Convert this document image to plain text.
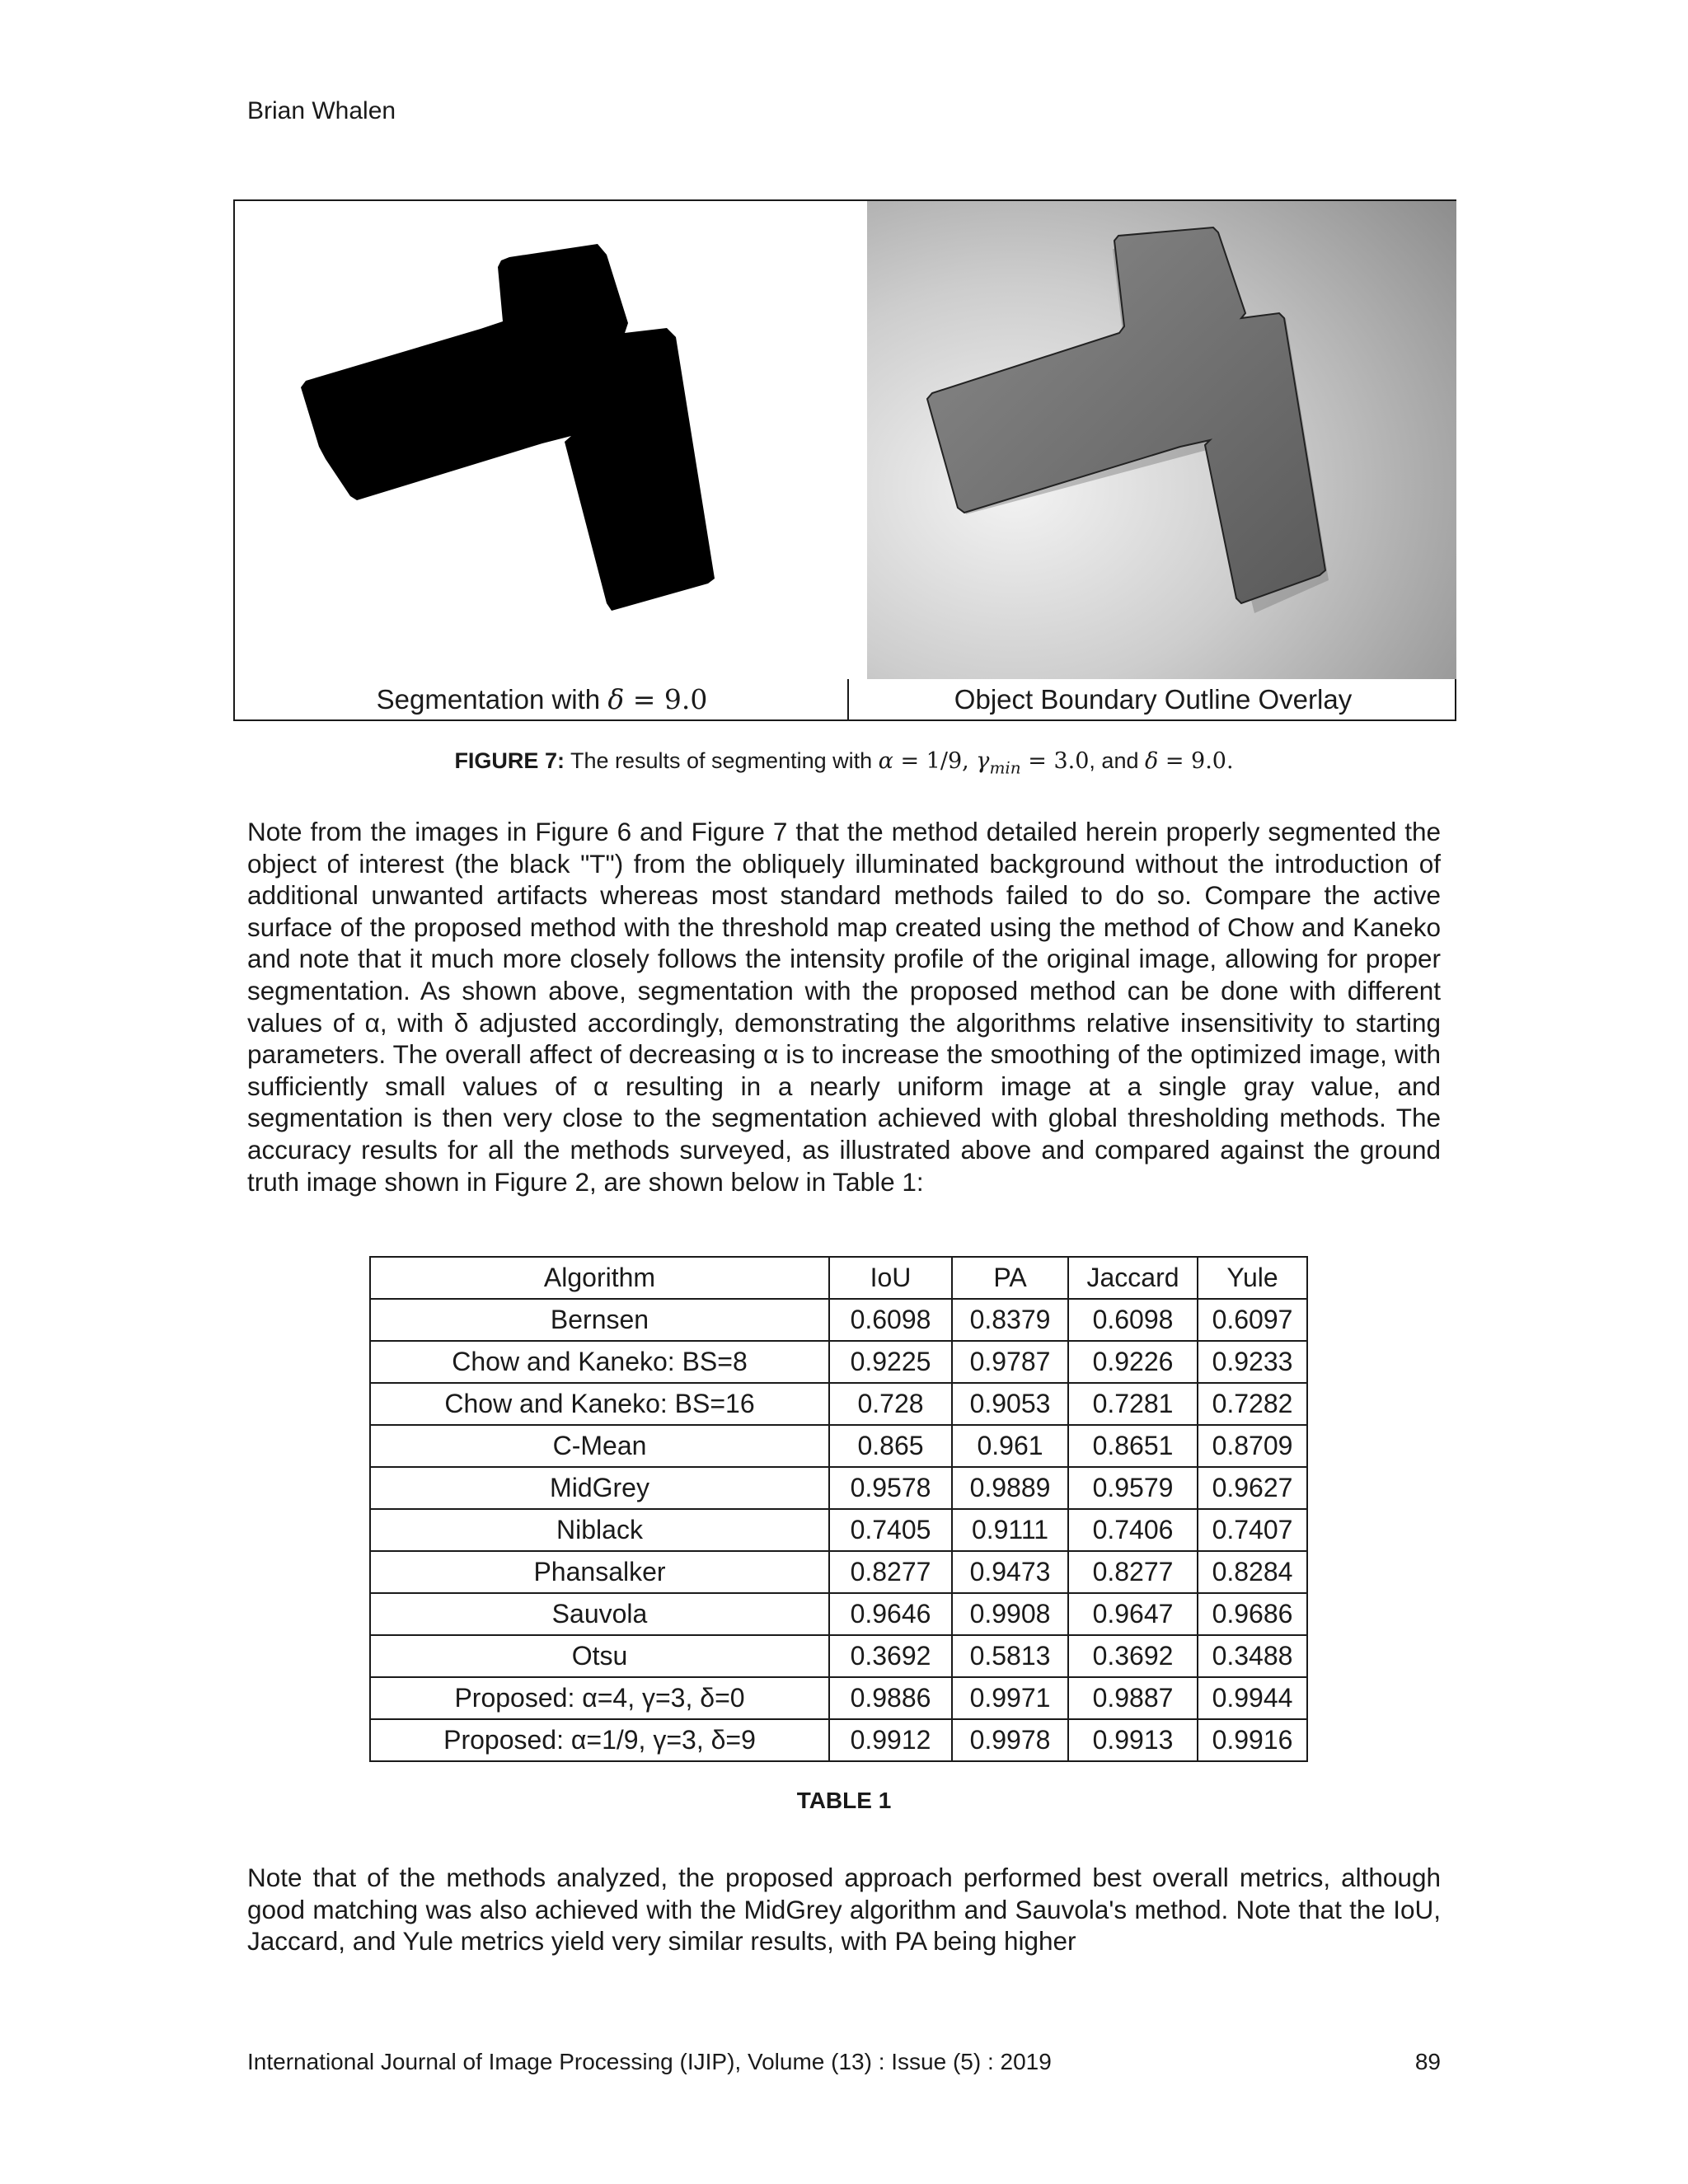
Brian Whalen
Segmentation with δ = 9.0	Object Boundary Outline Overlay
FIGURE 7: The results of segmenting with α = 1/9, $\gamma_{min} = 3.0$, and δ = 9.0.

Note from the images in Figure 6 and Figure 7 that the method detailed herein properly segmented the object of interest (the black "T") from the obliquely illuminated background without the introduction of additional unwanted artifacts whereas most standard methods failed to do so. Compare the active surface of the proposed method with the threshold map created using the method of Chow and Kaneko and note that it much more closely follows the intensity profile of the original image, allowing for proper segmentation. As shown above, segmentation with the proposed method can be done with different values of α, with δ adjusted accordingly, demonstrating the algorithms relative insensitivity to starting parameters. The overall affect of decreasing α is to increase the smoothing of the optimized image, with sufficiently small values of α resulting in a nearly uniform image at a single gray value, and segmentation is then very close to the segmentation achieved with global thresholding methods. The accuracy results for all the methods surveyed, as illustrated above and compared against the ground truth image shown in Figure 2, are shown below in Table 1:

Algorithm	IoU	PA	Jaccard	Yule
Bernsen	0.6098	0.8379	0.6098	0.6097
Chow and Kaneko: BS=8	0.9225	0.9787	0.9226	0.9233
Chow and Kaneko: BS=16	0.728	0.9053	0.7281	0.7282
C-Mean	0.865	0.961	0.8651	0.8709
MidGrey	0.9578	0.9889	0.9579	0.9627
Niblack	0.7405	0.9111	0.7406	0.7407
Phansalker	0.8277	0.9473	0.8277	0.8284
Sauvola	0.9646	0.9908	0.9647	0.9686
Otsu	0.3692	0.5813	0.3692	0.3488
Proposed: α=4, γ=3, δ=0	0.9886	0.9971	0.9887	0.9944
Proposed: α=1/9, γ=3, δ=9	0.9912	0.9978	0.9913	0.9916
TABLE 1

Note that of the methods analyzed, the proposed approach performed best overall metrics, although good matching was also achieved with the MidGrey algorithm and Sauvola's method. Note that the IoU, Jaccard, and Yule metrics yield very similar results, with PA being higher

International Journal of Image Processing (IJIP), Volume (13) : Issue (5) : 2019	89
